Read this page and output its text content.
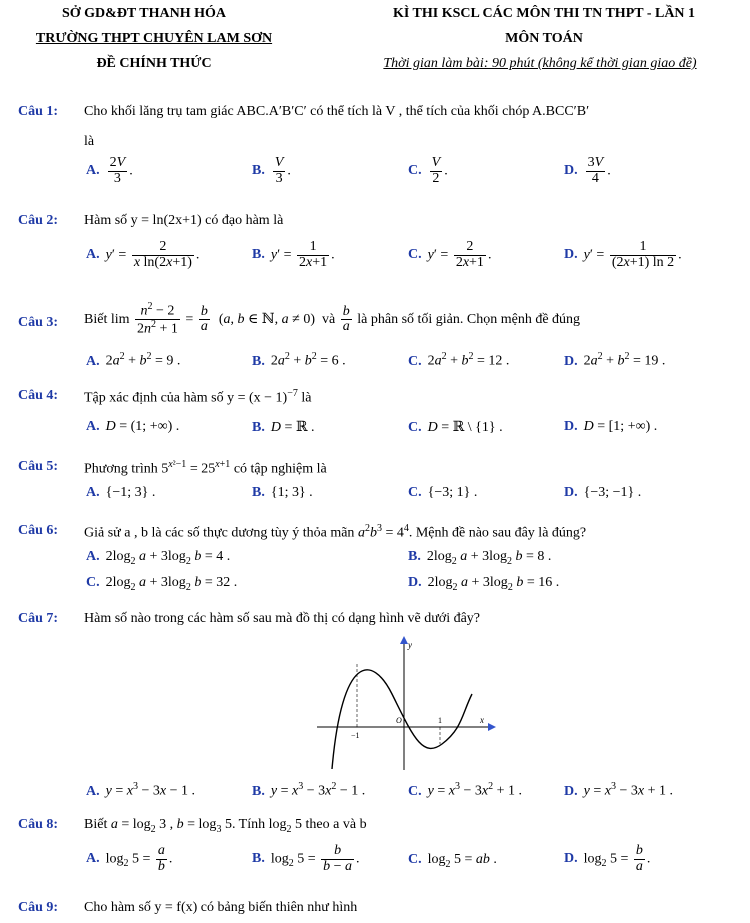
SỞ GD&ĐT THANH HÓA
TRƯỜNG THPT CHUYÊN LAM SƠN
ĐỀ CHÍNH THỨC
KÌ THI KSCL CÁC MÔN THI TN THPT - LẦN 1
MÔN TOÁN
Thời gian làm bài: 90 phút (không kể thời gian giao đề)
Câu 1: Cho khối lăng trụ tam giác ABC.A′B′C′ có thể tích là V , thể tích của khối chóp A.BCC′B′
là
A. $\frac{2V}{3}$ .	B. $\frac{V}{3}$ .	C. $\frac{V}{2}$ .	D. $\frac{3V}{4}$ .
Câu 2: Hàm số y = ln(2x+1) có đạo hàm là
A. $y' = \frac{2}{\text{x ln(2x+1)}}$ .	B. $y' = \frac{1}{2x+1}$ .	C. $y' = \frac{2}{2x+1}$ .	D. $y' = \frac{1}{(2x+1) \ln 2}$ .
Câu 3: Biết $\lim \frac{n^2 - 2}{2n^2 + 1} = \frac{b}{a} (a$, b ∈ ℕ, a ≠ 0)  và $\frac{b}{a}$ là phân số tối giản. Chọn mệnh đề đúng
A. $2a^2 + b^2 = 9$ .	B. $2a^2 + b^2 = 6$ .	C. $2a^2 + b^2 = 12$ .	D. $2a^2 + b^2 = 19$ .
Câu 4: Tập xác định của hàm số $y = (x - 1)^{-7}$ là
A. D = (1; +∞) .	B. D = ℝ .	C. D = ℝ \ {1} .	D. D = [1; +∞) .
Câu 5: Phương trình $5^{x^2-1} = 25^{x+1}$ có tập nghiệm là
A. {−1; 3} .	B. {1; 3} .	C. {−3; 1} .	D. {−3; −1} .
Câu 6: Giả sử a , b là các số thực dương tùy ý thỏa mãn $a^2b^3 = 4^4$. Mệnh đề nào sau đây là đúng?
A. $2\log_2$ $a + 3\log_2$ b = 4 .	B. $2\log_2$ $a + 3\log_2$ b = 8 .
C. $2\log_2$ $a + 3\log_2$ b = 32 .	D. $2\log_2$ $a + 3\log_2$ b = 16 .
Câu 7: Hàm số nào trong các hàm số sau mà đồ thị có dạng hình vẽ dưới đây?
y
x
O	1
−1
A. $y = x^3 - 3x - 1$ .	B. $y = x^3 - 3x^2 - 1$ .	C. $y = x^3 - 3x^2 + 1$ .	D. $y = x^3 - 3x + 1$ .
Câu 8: Biết $a = \log_2 3$ , $b = \log_3 5$. Tính $\log_2 5$ theo a và b
A. $\log_2 5 = \frac{a}{b}$ .	B. $\log_2 5 = \frac{b}{b - a}$ .	C. $\log_2 5$ = ab .	D. $\log_2 5 = \frac{b}{a}$ .
Câu 9: Cho hàm số y = f(x) có bảng biến thiên như hình
